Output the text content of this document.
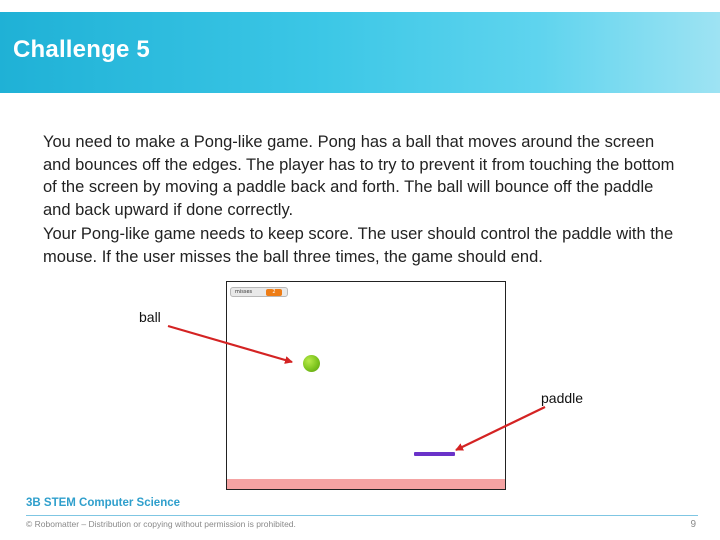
Challenge 5

You need to make a Pong-like game. Pong has a ball that moves around the screen and bounces off the edges. The player has to try to prevent it from touching the bottom of the screen by moving a paddle back and forth. The ball will bounce off the paddle and back upward if done correctly.

Your Pong-like game needs to keep score. The user should control the paddle with the mouse. If the user misses the ball three times, the game should end.

misses	2
ball
paddle
3B STEM Computer Science
© Robomatter – Distribution or copying without permission is prohibited.	9
